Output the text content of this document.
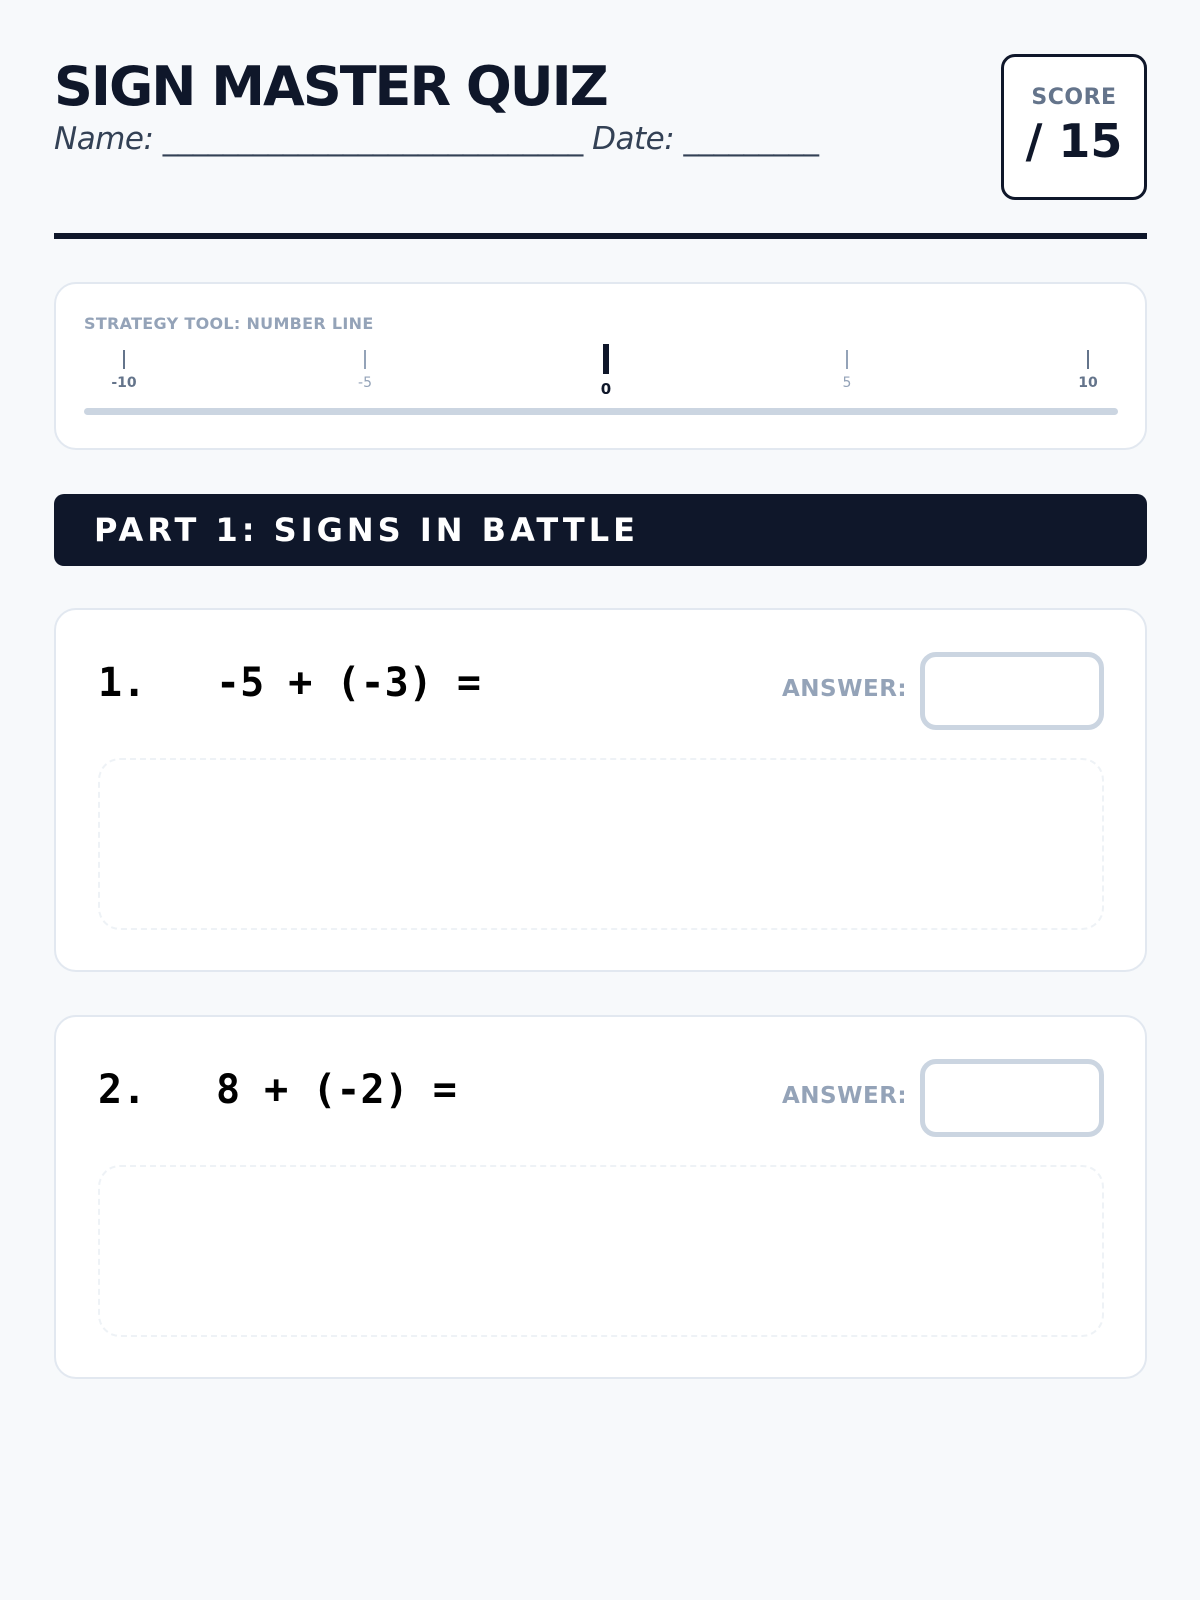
SIGN MASTER QUIZ
Name: ____________________________ Date: _________
SCORE
/ 15
STRATEGY TOOL: NUMBER LINE
-10	-5	0	5	10
PART 1: SIGNS IN BATTLE
1. -5 + (-3) =	ANSWER:
2. 8 + (-2) =	ANSWER:
